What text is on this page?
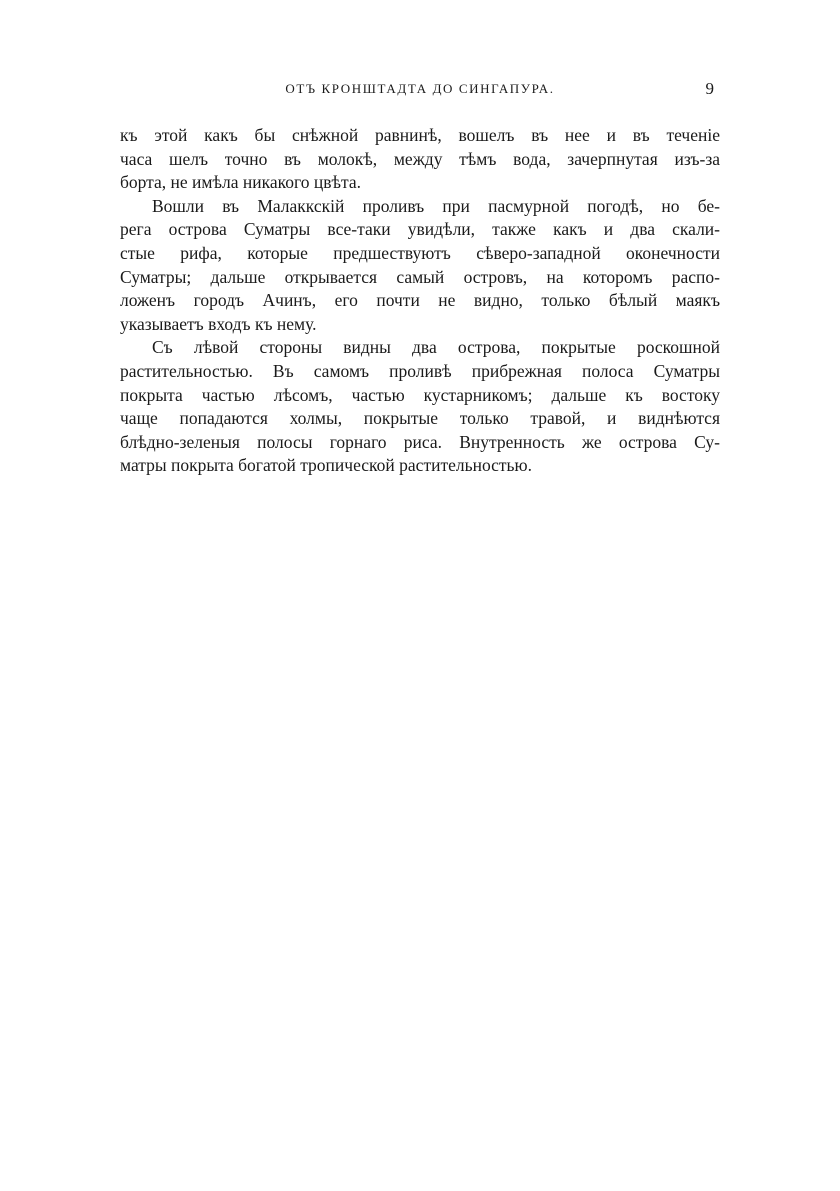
ОТЪ КРОНШТАДТА ДО СИНГАПУРА.	9
къ этой какъ бы снѣжной равнинѣ, вошелъ въ нее и въ теченіе
часа шелъ точно въ молокѣ, между тѣмъ вода, зачерпнутая изъ-за
борта, не имѣла никакого цвѣта.
Вошли въ Малаккскій проливъ при пасмурной погодѣ, но бе-
рега острова Суматры все-таки увидѣли, также какъ и два скали-
стые рифа, которые предшествуютъ сѣверо-западной оконечности
Суматры; дальше открывается самый островъ, на которомъ распо-
ложенъ городъ Ачинъ, его почти не видно, только бѣлый маякъ
указываетъ входъ къ нему.
Съ лѣвой стороны видны два острова, покрытые роскошной
растительностью. Въ самомъ проливѣ прибрежная полоса Суматры
покрыта частью лѣсомъ, частью кустарникомъ; дальше къ востоку
чаще попадаются холмы, покрытые только травой, и виднѣются
блѣдно-зеленыя полосы горнаго риса. Внутренность же острова Су-
матры покрыта богатой тропической растительностью.
